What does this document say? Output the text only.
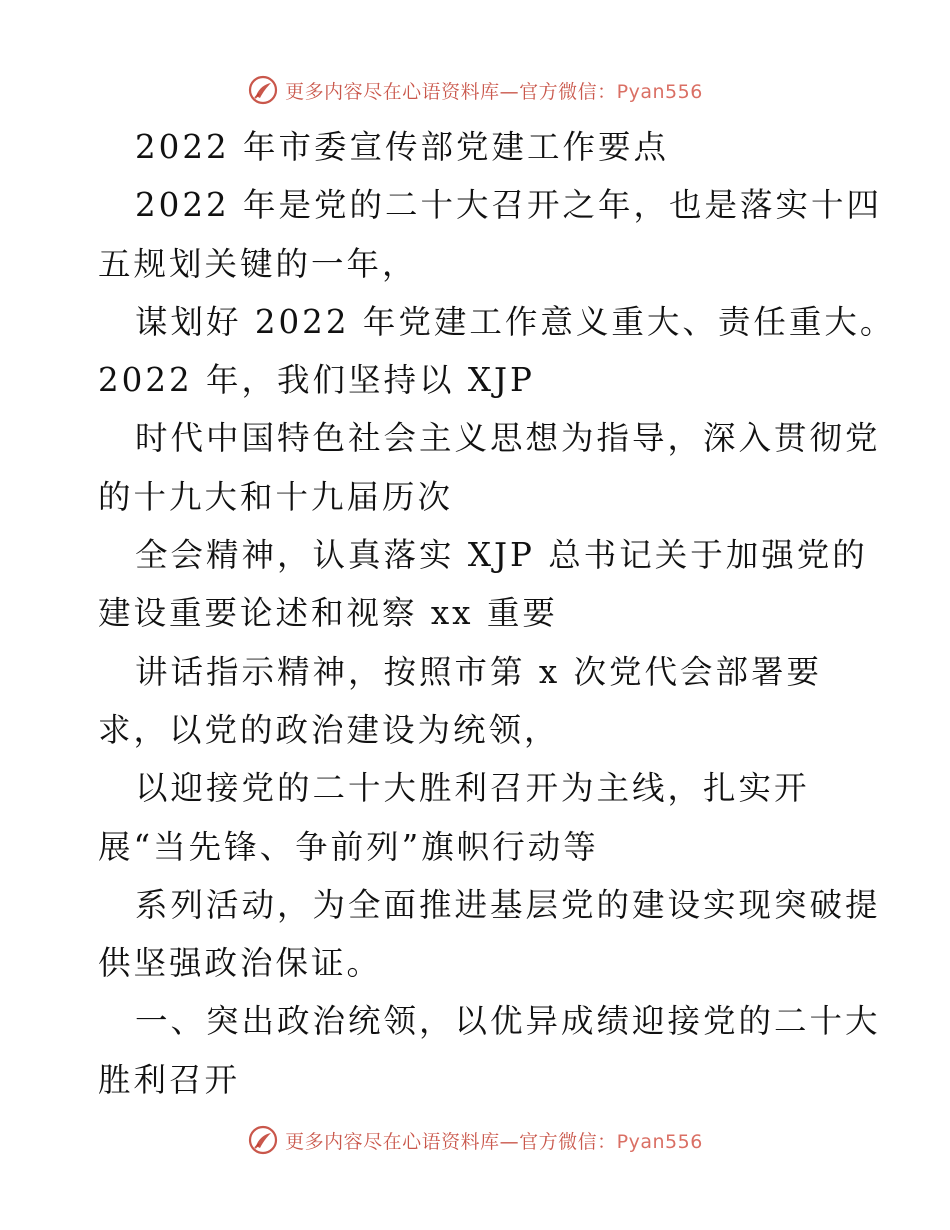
更多内容尽在心语资料库—官方微信：Pyan556
2022 年市委宣传部党建工作要点
2022 年是党的二十大召开之年，也是落实十四
五规划关键的一年，
谋划好 2022 年党建工作意义重大、责任重大。
2022 年，我们坚持以 XJP
时代中国特色社会主义思想为指导，深入贯彻党
的十九大和十九届历次
全会精神，认真落实 XJP 总书记关于加强党的
建设重要论述和视察 xx 重要
讲话指示精神，按照市第 x 次党代会部署要
求，以党的政治建设为统领，
以迎接党的二十大胜利召开为主线，扎实开
展“当先锋、争前列”旗帜行动等
系列活动，为全面推进基层党的建设实现突破提
供坚强政治保证。
一、突出政治统领，以优异成绩迎接党的二十大
胜利召开
更多内容尽在心语资料库—官方微信：Pyan556
